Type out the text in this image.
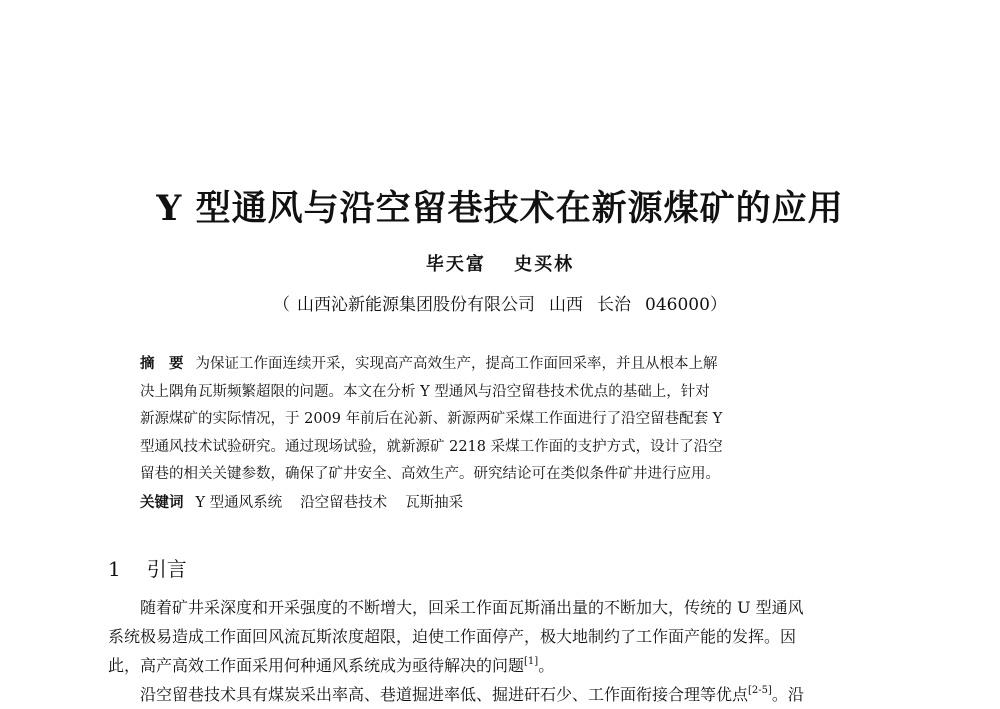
Y 型通风与沿空留巷技术在新源煤矿的应用
毕天富 史买林
（ 山西沁新能源集团股份有限公司 山西 长治 046000）
摘　要 为保证工作面连续开采，实现高产高效生产，提高工作面回采率，并且从根本上解
决上隅角瓦斯频繁超限的问题。本文在分析 Y 型通风与沿空留巷技术优点的基础上，针对
新源煤矿的实际情况，于 2009 年前后在沁新、新源两矿采煤工作面进行了沿空留巷配套 Y
型通风技术试验研究。通过现场试验，就新源矿 2218 采煤工作面的支护方式，设计了沿空
留巷的相关关键参数，确保了矿井安全、高效生产。研究结论可在类似条件矿井进行应用。
关键词 Y 型通风系统 沿空留巷技术 瓦斯抽采
1 引言
随着矿井采深度和开采强度的不断增大，回采工作面瓦斯涌出量的不断加大，传统的 U 型通风
系统极易造成工作面回风流瓦斯浓度超限，迫使工作面停产，极大地制约了工作面产能的发挥。因
此，高产高效工作面采用何种通风系统成为亟待解决的问题[1]。
沿空留巷技术具有煤炭采出率高、巷道掘进率低、掘进矸石少、工作面衔接合理等优点[2-5]。沿
